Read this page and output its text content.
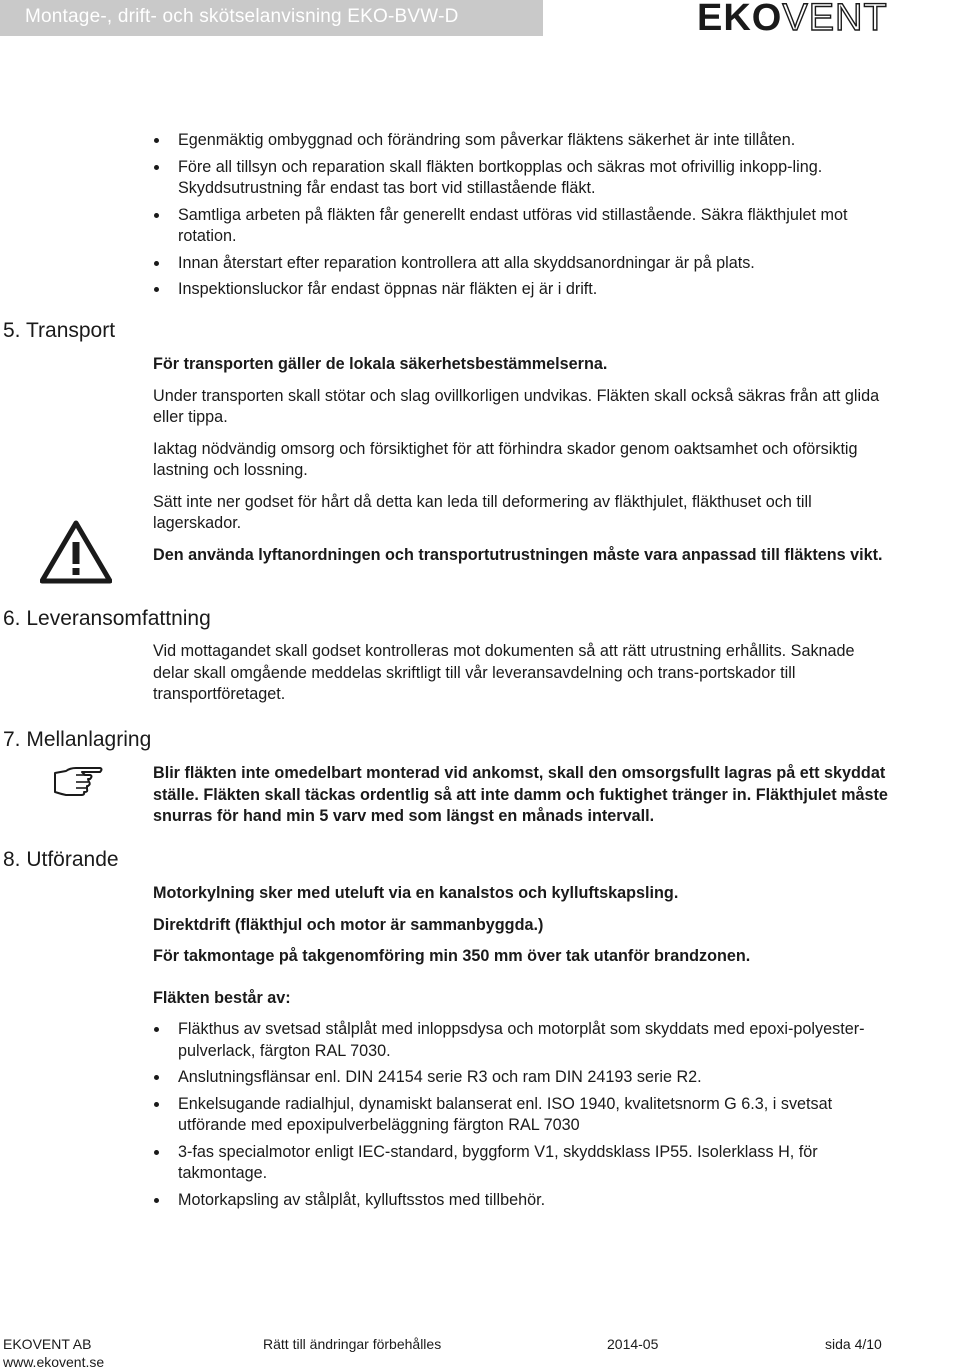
Montage-, drift- och skötselanvisning EKO-BVW-D	EKOVENT
Egenmäktig ombyggnad och förändring som påverkar fläktens säkerhet är inte tillåten.
Före all tillsyn och reparation skall fläkten bortkopplas och säkras mot ofrivillig inkopp-ling. Skyddsutrustning får endast tas bort vid stillastående fläkt.
Samtliga arbeten på fläkten får generellt endast utföras vid stillastående. Säkra fläkthjulet mot rotation.
Innan återstart efter reparation kontrollera att alla skyddsanordningar är på plats.
Inspektionsluckor får endast öppnas när fläkten ej är i drift.
5. Transport

För transporten gäller de lokala säkerhetsbestämmelserna.

Under transporten skall stötar och slag ovillkorligen undvikas. Fläkten skall också säkras från att glida eller tippa.

Iaktag nödvändig omsorg och försiktighet för att förhindra skador genom oaktsamhet och oförsiktig lastning och lossning.

Sätt inte ner godset för hårt då detta kan leda till deformering av fläkthjulet, fläkthuset och till lagerskador.

Den använda lyftanordningen och transportutrustningen måste vara anpassad till fläktens vikt.

6. Leveransomfattning

Vid mottagandet skall godset kontrolleras mot dokumenten så att rätt utrustning erhållits. Saknade delar skall omgående meddelas skriftligt till vår leveransavdelning och trans-portskador till transportföretaget.

7. Mellanlagring

Blir fläkten inte omedelbart monterad vid ankomst, skall den omsorgsfullt lagras på ett skyddat ställe. Fläkten skall täckas ordentlig så att inte damm och fuktighet tränger in. Fläkthjulet måste snurras för hand min 5 varv med som längst en månads intervall.

8. Utförande

Motorkylning sker med uteluft via en kanalstos och kylluftskapsling.

Direktdrift (fläkthjul och motor är sammanbyggda.)

För takmontage på takgenomföring min 350 mm över tak utanför brandzonen.

Fläkten består av:

Fläkthus av svetsad stålplåt med inloppsdysa och motorplåt som skyddats med epoxi-polyester-pulverlack, färgton RAL 7030.
Anslutningsflänsar enl. DIN 24154 serie R3 och ram DIN 24193 serie R2.
Enkelsugande radialhjul, dynamiskt balanserat enl. ISO 1940, kvalitetsnorm G 6.3, i svetsat utförande med epoxipulverbeläggning färgton RAL 7030
3-fas specialmotor enligt IEC-standard, byggform V1, skyddsklass IP55. Isolerklass H, för takmontage.
Motorkapsling av stålplåt, kylluftsstos med tillbehör.
EKOVENT AB
www.ekovent.se
Rätt till ändringar förbehålles	2014-05	sida 4/10
